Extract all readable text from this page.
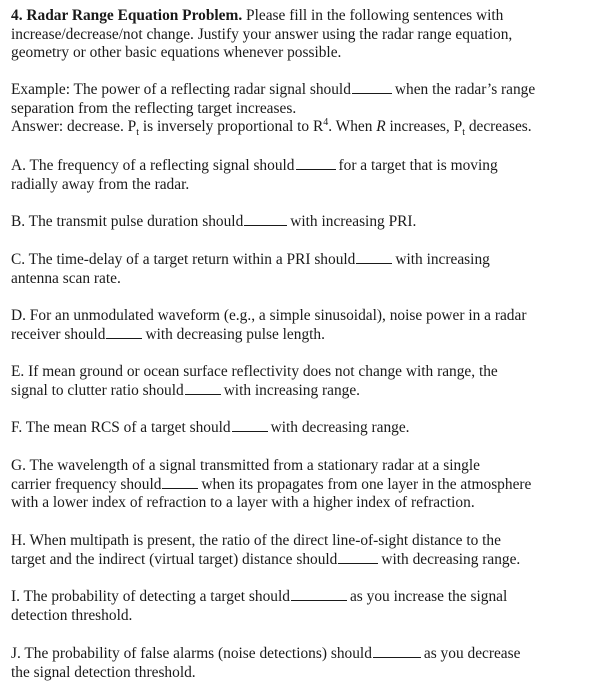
4. Radar Range Equation Problem. Please fill in the following sentences with
increase/decrease/not change. Justify your answer using the radar range equation,
geometry or other basic equations whenever possible.
Example: The power of a reflecting radar signal should	when the radar’s range
separation from the reflecting target increases.
Answer: decrease. $P_t$ is inversely proportional to $R^4$. When R increases, $P_t$ decreases.
A. The frequency of a reflecting signal should	for a target that is moving
radially away from the radar.
B. The transmit pulse duration should	with increasing PRI.
C. The time-delay of a target return within a PRI should	with increasing
antenna scan rate.
D. For an unmodulated waveform (e.g., a simple sinusoidal), noise power in a radar
receiver should	with decreasing pulse length.
E. If mean ground or ocean surface reflectivity does not change with range, the
signal to clutter ratio should	with increasing range.
F. The mean RCS of a target should	with decreasing range.
G. The wavelength of a signal transmitted from a stationary radar at a single
carrier frequency should	when its propagates from one layer in the atmosphere
with a lower index of refraction to a layer with a higher index of refraction.
H. When multipath is present, the ratio of the direct line-of-sight distance to the
target and the indirect (virtual target) distance should	with decreasing range.
I. The probability of detecting a target should	as you increase the signal
detection threshold.
J. The probability of false alarms (noise detections) should	as you decrease
the signal detection threshold.
